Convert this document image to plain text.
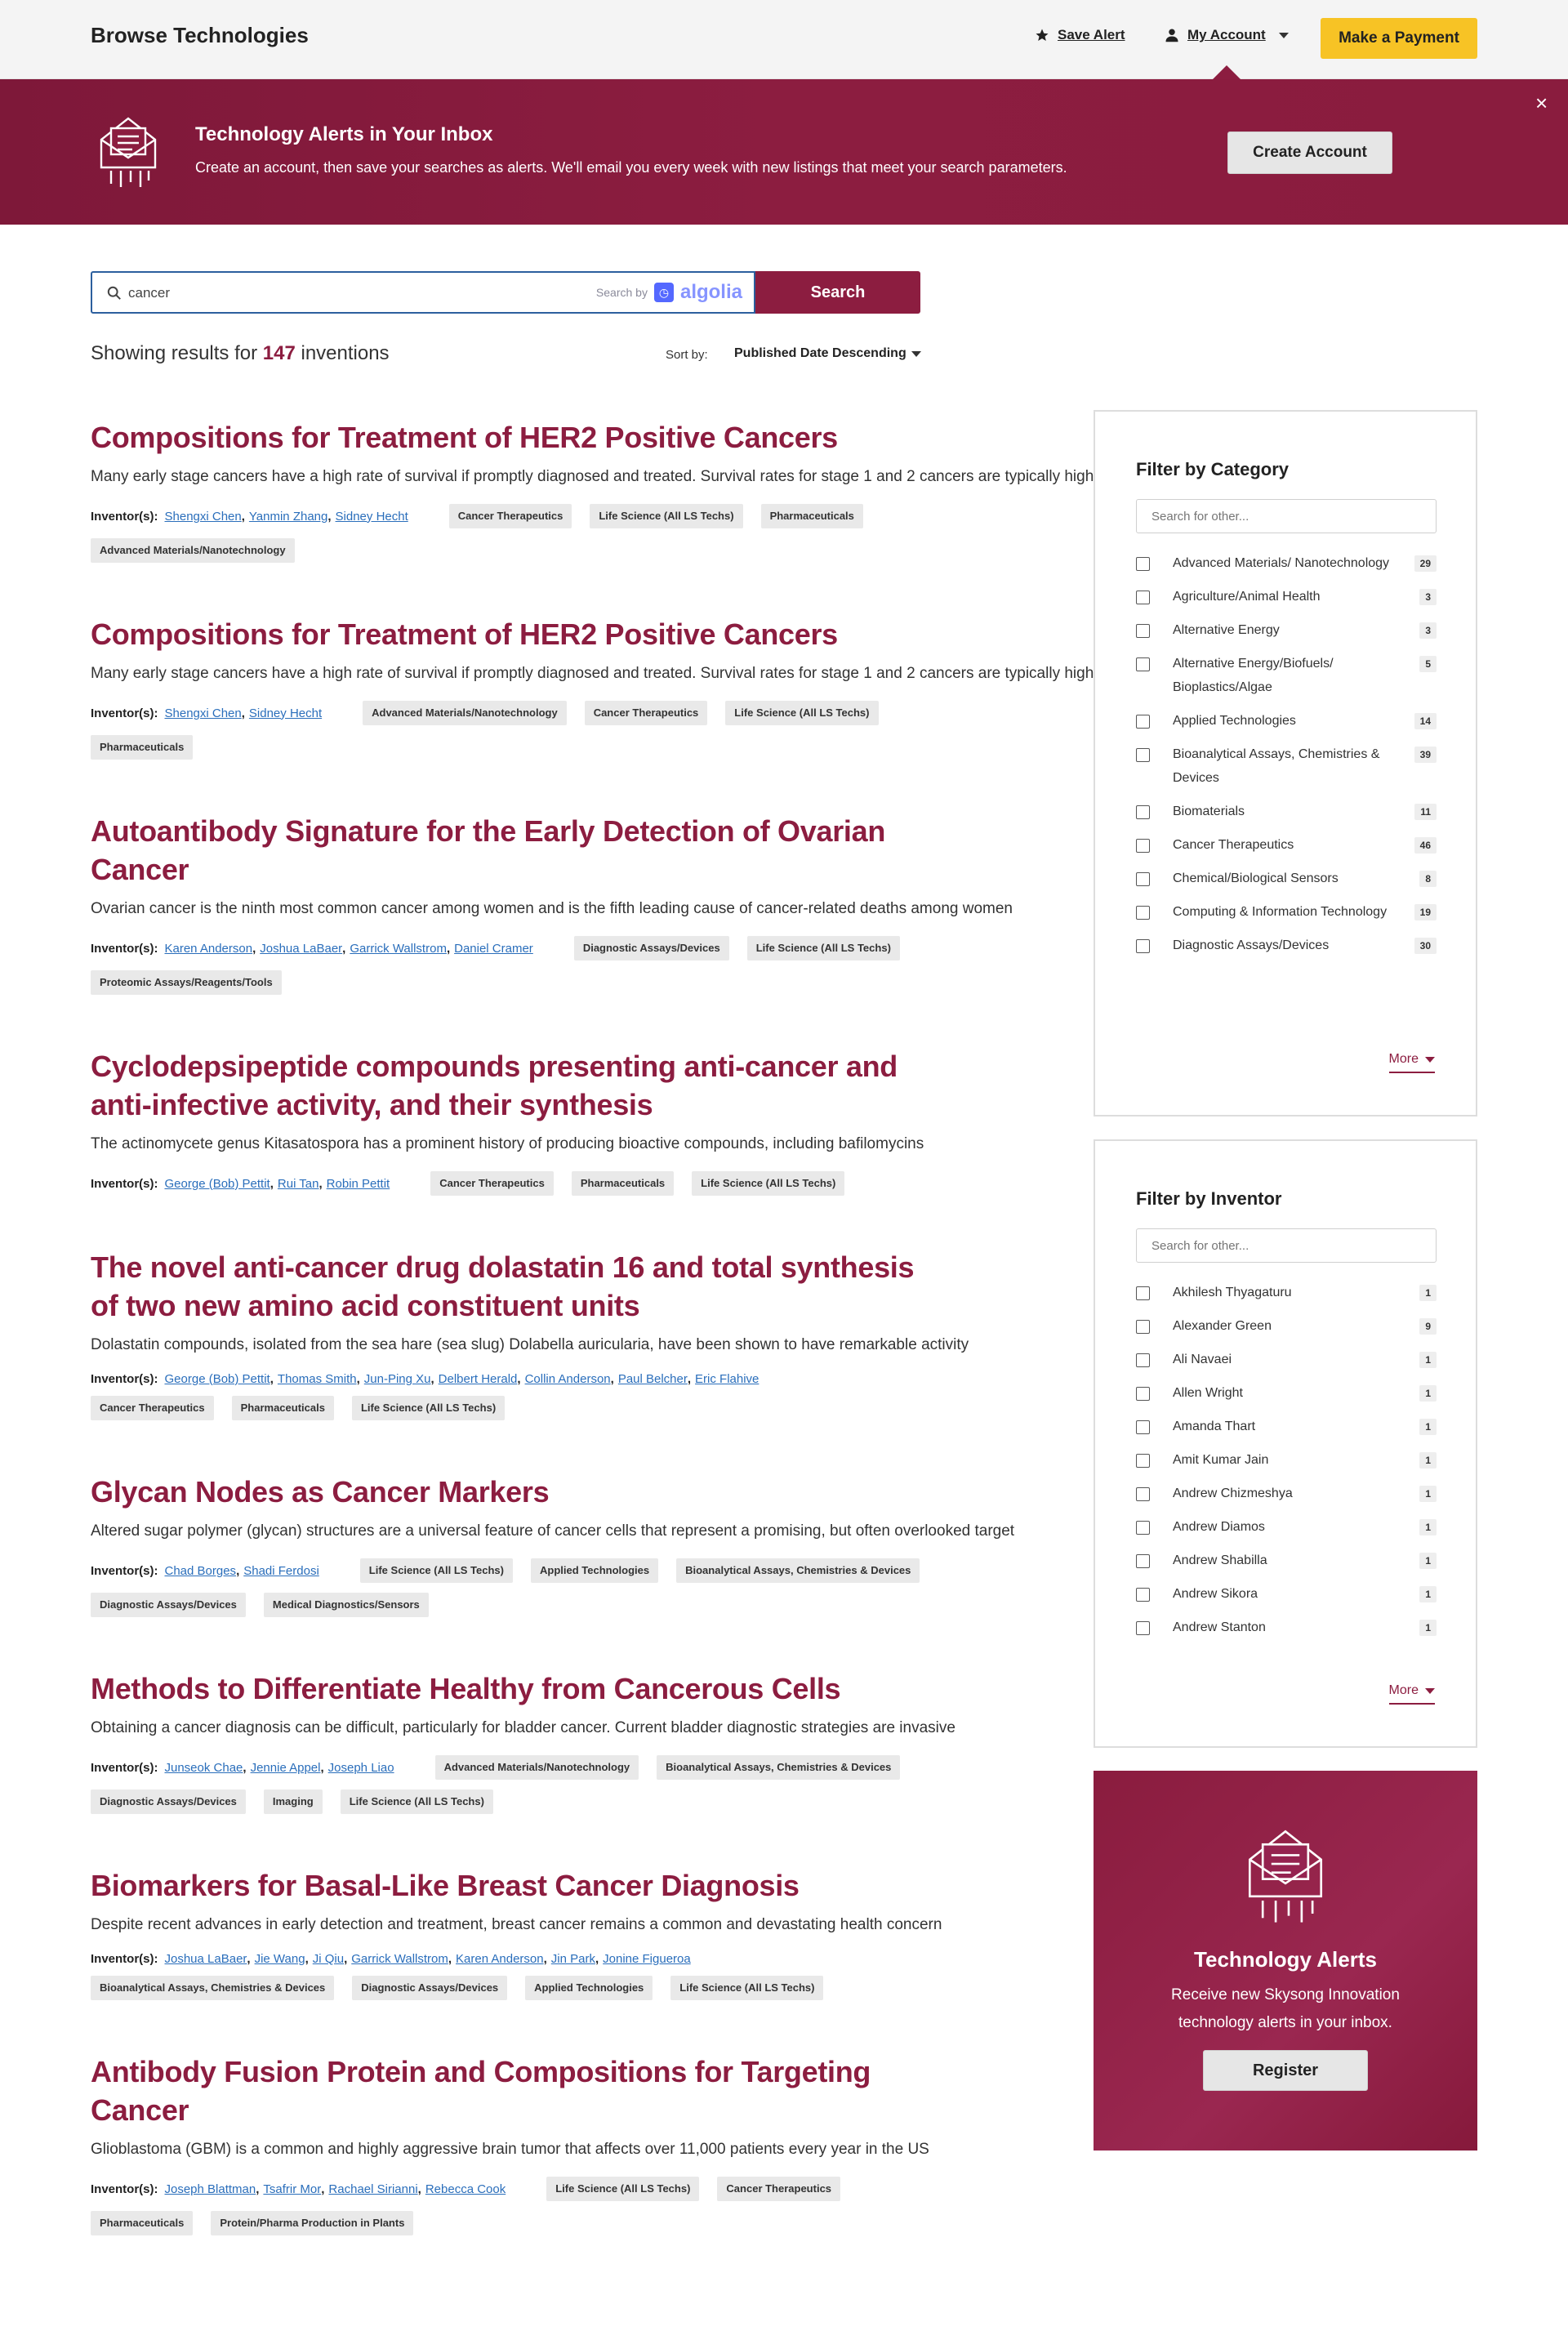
Browse Technologies	Save Alert	My Account	Make a Payment
Technology Alerts in Your Inbox
Create an account, then save your searches as alerts. We'll email you every week with new listings that meet your search parameters.
Create Account
×
cancer
Search by ◷ algolia	Search
Showing results for 147 inventions	Sort by: Published Date Descending
Compositions for Treatment of HER2 Positive Cancers
Many early stage cancers have a high rate of survival if promptly diagnosed and treated. Survival rates for stage 1 and 2 cancers are typically high
Inventor(s): Shengxi Chen , Yanmin Zhang , Sidney Hecht	Cancer Therapeutics	Life Science (All LS Techs)	Pharmaceuticals
Advanced Materials/Nanotechnology
Compositions for Treatment of HER2 Positive Cancers
Many early stage cancers have a high rate of survival if promptly diagnosed and treated. Survival rates for stage 1 and 2 cancers are typically high
Inventor(s): Shengxi Chen , Sidney Hecht	Advanced Materials/Nanotechnology	Cancer Therapeutics	Life Science (All LS Techs)
Pharmaceuticals
Autoantibody Signature for the Early Detection of Ovarian Cancer
Ovarian cancer is the ninth most common cancer among women and is the fifth leading cause of cancer-related deaths among women
Inventor(s): Karen Anderson , Joshua LaBaer , Garrick Wallstrom , Daniel Cramer	Diagnostic Assays/Devices	Life Science (All LS Techs)
Proteomic Assays/Reagents/Tools
Cyclodepsipeptide compounds presenting anti-cancer and anti-infective activity, and their synthesis
The actinomycete genus Kitasatospora has a prominent history of producing bioactive compounds, including bafilomycins
Inventor(s): George (Bob) Pettit , Rui Tan , Robin Pettit	Cancer Therapeutics	Pharmaceuticals	Life Science (All LS Techs)
The novel anti-cancer drug dolastatin 16 and total synthesis of two new amino acid constituent units
Dolastatin compounds, isolated from the sea hare (sea slug) Dolabella auricularia, have been shown to have remarkable activity
Inventor(s): George (Bob) Pettit , Thomas Smith , Jun-Ping Xu , Delbert Herald , Collin Anderson , Paul Belcher , Eric Flahive
Cancer Therapeutics	Pharmaceuticals	Life Science (All LS Techs)
Glycan Nodes as Cancer Markers
Altered sugar polymer (glycan) structures are a universal feature of cancer cells that represent a promising, but often overlooked target
Inventor(s): Chad Borges , Shadi Ferdosi	Life Science (All LS Techs)	Applied Technologies	Bioanalytical Assays, Chemistries & Devices
Diagnostic Assays/Devices	Medical Diagnostics/Sensors
Methods to Differentiate Healthy from Cancerous Cells
Obtaining a cancer diagnosis can be difficult, particularly for bladder cancer. Current bladder diagnostic strategies are invasive
Inventor(s): Junseok Chae , Jennie Appel , Joseph Liao	Advanced Materials/Nanotechnology	Bioanalytical Assays, Chemistries & Devices
Diagnostic Assays/Devices	Imaging	Life Science (All LS Techs)
Biomarkers for Basal-Like Breast Cancer Diagnosis
Despite recent advances in early detection and treatment, breast cancer remains a common and devastating health concern
Inventor(s): Joshua LaBaer , Jie Wang , Ji Qiu , Garrick Wallstrom , Karen Anderson , Jin Park , Jonine Figueroa
Bioanalytical Assays, Chemistries & Devices	Diagnostic Assays/Devices	Applied Technologies	Life Science (All LS Techs)
Antibody Fusion Protein and Compositions for Targeting Cancer
Glioblastoma (GBM) is a common and highly aggressive brain tumor that affects over 11,000 patients every year in the US
Inventor(s): Joseph Blattman , Tsafrir Mor , Rachael Sirianni , Rebecca Cook	Life Science (All LS Techs)	Cancer Therapeutics
Pharmaceuticals	Protein/Pharma Production in Plants
Filter by Category
Search for other...
Advanced Materials/ Nanotechnology	29
Agriculture/Animal Health	3
Alternative Energy	3
Alternative Energy/Biofuels/ Bioplastics/Algae
5
Applied Technologies	14
Bioanalytical Assays, Chemistries & Devices
39
Biomaterials	11
Cancer Therapeutics	46
Chemical/Biological Sensors	8
Computing & Information Technology	19
Diagnostic Assays/Devices	30
More
Filter by Inventor
Search for other...
Akhilesh Thyagaturu	1
Alexander Green	9
Ali Navaei	1
Allen Wright	1
Amanda Thart	1
Amit Kumar Jain	1
Andrew Chizmeshya	1
Andrew Diamos	1
Andrew Shabilla	1
Andrew Sikora	1
Andrew Stanton	1
More
Technology Alerts
Receive new Skysong Innovation technology alerts in your inbox.
Register
